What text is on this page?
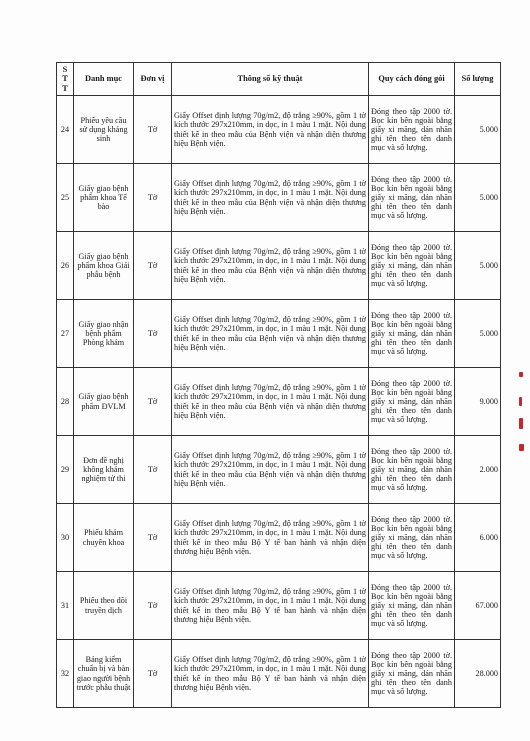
S
T
T	Danh mục	Đơn vị	Thông số kỹ thuật	Quy cách đóng gói	Số lượng
24	Phiếu yêu cầu sử dụng kháng sinh	Tờ	Giấy Offset định lượng 70g/m2, độ trắng ≥90%, gồm 1 tờ kích thước 297x210mm, in dọc, in 1 màu 1 mặt. Nội dung thiết kế in theo mẫu của Bệnh viện và nhận diện thương hiệu Bệnh viện.	Đóng theo tập 2000 tờ. Bọc kín bên ngoài bằng giấy xi măng, dán nhãn ghi tên theo tên danh mục và số lượng.	5.000
25	Giấy giao bệnh phẩm khoa Tế bào	Tờ	Giấy Offset định lượng 70g/m2, độ trắng ≥90%, gồm 1 tờ kích thước 297x210mm, in dọc, in 1 màu 1 mặt. Nội dung thiết kế in theo mẫu của Bệnh viện và nhận diện thương hiệu Bệnh viện.	Đóng theo tập 2000 tờ. Bọc kín bên ngoài bằng giấy xi măng, dán nhãn ghi tên theo tên danh mục và số lượng.	5.000
26	Giấy giao bệnh phẩm khoa Giải phẫu bệnh	Tờ	Giấy Offset định lượng 70g/m2, độ trắng ≥90%, gồm 1 tờ kích thước 297x210mm, in dọc, in 1 màu 1 mặt. Nội dung thiết kế in theo mẫu của Bệnh viện và nhận diện thương hiệu Bệnh viện.	Đóng theo tập 2000 tờ. Bọc kín bên ngoài bằng giấy xi măng, dán nhãn ghi tên theo tên danh mục và số lượng.	5.000
27	Giấy giao nhận bệnh phẩm Phòng khám	Tờ	Giấy Offset định lượng 70g/m2, độ trắng ≥90%, gồm 1 tờ kích thước 297x210mm, in dọc, in 1 màu 1 mặt. Nội dung thiết kế in theo mẫu của Bệnh viện và nhận diện thương hiệu Bệnh viện.	Đóng theo tập 2000 tờ. Bọc kín bên ngoài bằng giấy xi măng, dán nhãn ghi tên theo tên danh mục và số lượng.	5.000
28	Giấy giao bệnh phẩm ĐVLM	Tờ	Giấy Offset định lượng 70g/m2, độ trắng ≥90%, gồm 1 tờ kích thước 297x210mm, in dọc, in 1 màu 1 mặt. Nội dung thiết kế in theo mẫu của Bệnh viện và nhận diện thương hiệu Bệnh viện.	Đóng theo tập 2000 tờ. Bọc kín bên ngoài bằng giấy xi măng, dán nhãn ghi tên theo tên danh mục và số lượng.	9.000
29	Đơn đề nghị không khám nghiệm tử thi	Tờ	Giấy Offset định lượng 70g/m2, độ trắng ≥90%, gồm 1 tờ kích thước 297x210mm, in dọc, in 1 màu 1 mặt. Nội dung thiết kế in theo mẫu của Bệnh viện và nhận diện thương hiệu Bệnh viện.	Đóng theo tập 2000 tờ. Bọc kín bên ngoài bằng giấy xi măng, dán nhãn ghi tên theo tên danh mục và số lượng.	2.000
30	Phiếu khám chuyên khoa	Tờ	Giấy Offset định lượng 70g/m2, độ trắng ≥90%, gồm 1 tờ kích thước 297x210mm, in dọc, in 1 màu 1 mặt. Nội dung thiết kế in theo mẫu Bộ Y tế ban hành và nhận diện thương hiệu Bệnh viện.	Đóng theo tập 2000 tờ. Bọc kín bên ngoài bằng giấy xi măng, dán nhãn ghi tên theo tên danh mục và số lượng.	6.000
31	Phiếu theo dõi truyền dịch	Tờ	Giấy Offset định lượng 70g/m2, độ trắng ≥90%, gồm 1 tờ kích thước 297x210mm, in dọc, in 1 màu 1 mặt. Nội dung thiết kế in theo mẫu Bộ Y tế ban hành và nhận diện thương hiệu Bệnh viện.	Đóng theo tập 2000 tờ. Bọc kín bên ngoài bằng giấy xi măng, dán nhãn ghi tên theo tên danh mục và số lượng.	67.000
32	Bảng kiểm chuẩn bị và bàn giao người bệnh trước phẫu thuật	Tờ	Giấy Offset định lượng 70g/m2, độ trắng ≥90%, gồm 1 tờ kích thước 297x210mm, in dọc, in 1 màu 1 mặt. Nội dung thiết kế in theo mẫu Bộ Y tế ban hành và nhận diện thương hiệu Bệnh viện.	Đóng theo tập 2000 tờ. Bọc kín bên ngoài bằng giấy xi măng, dán nhãn ghi tên theo tên danh mục và số lượng.	28.000
